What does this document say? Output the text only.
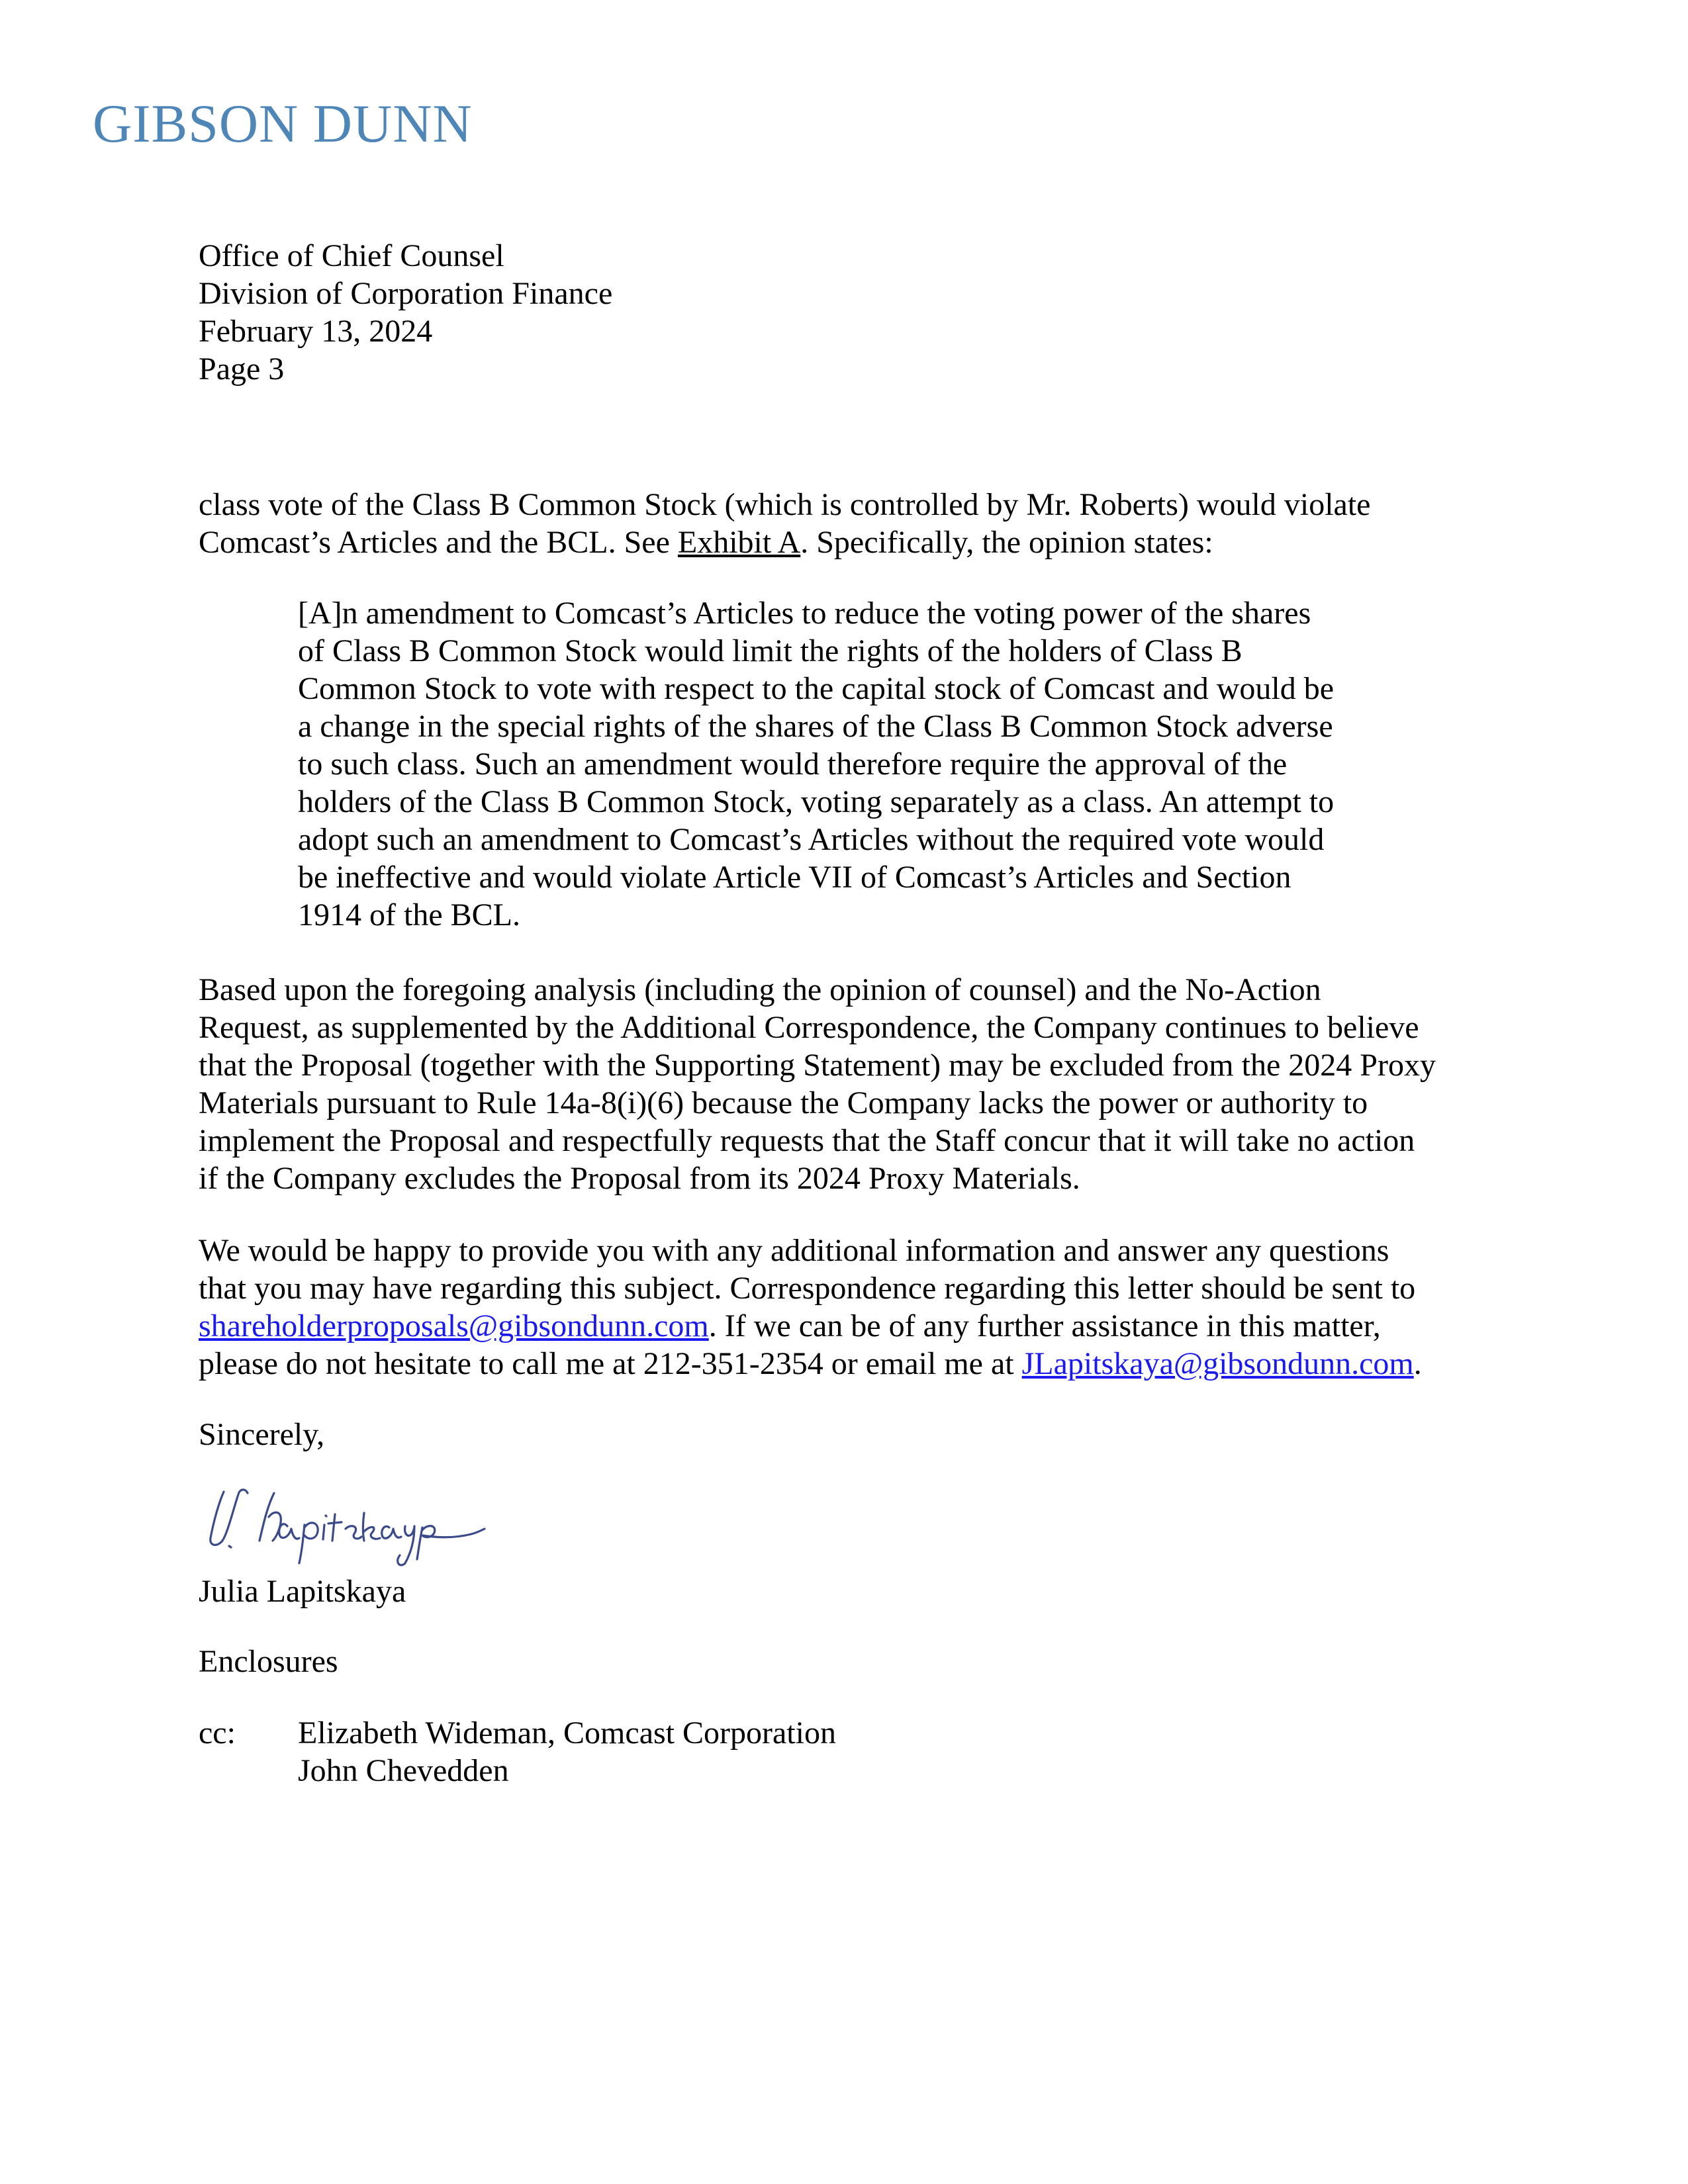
GIBSON DUNN
Office of Chief Counsel
Division of Corporation Finance
February 13, 2024
Page 3
class vote of the Class B Common Stock (which is controlled by Mr. Roberts) would violate
Comcast’s Articles and the BCL. See Exhibit A. Specifically, the opinion states:
[A]n amendment to Comcast’s Articles to reduce the voting power of the shares
of Class B Common Stock would limit the rights of the holders of Class B
Common Stock to vote with respect to the capital stock of Comcast and would be
a change in the special rights of the shares of the Class B Common Stock adverse
to such class. Such an amendment would therefore require the approval of the
holders of the Class B Common Stock, voting separately as a class. An attempt to
adopt such an amendment to Comcast’s Articles without the required vote would
be ineffective and would violate Article VII of Comcast’s Articles and Section
1914 of the BCL.
Based upon the foregoing analysis (including the opinion of counsel) and the No-Action
Request, as supplemented by the Additional Correspondence, the Company continues to believe
that the Proposal (together with the Supporting Statement) may be excluded from the 2024 Proxy
Materials pursuant to Rule 14a-8(i)(6) because the Company lacks the power or authority to
implement the Proposal and respectfully requests that the Staff concur that it will take no action
if the Company excludes the Proposal from its 2024 Proxy Materials.
We would be happy to provide you with any additional information and answer any questions
that you may have regarding this subject. Correspondence regarding this letter should be sent to
shareholderproposals@gibsondunn.com. If we can be of any further assistance in this matter,
please do not hesitate to call me at 212-351-2354 or email me at JLapitskaya@gibsondunn.com.
Sincerely,
Julia Lapitskaya
Enclosures
cc: Elizabeth Wideman, Comcast Corporation
John Chevedden
